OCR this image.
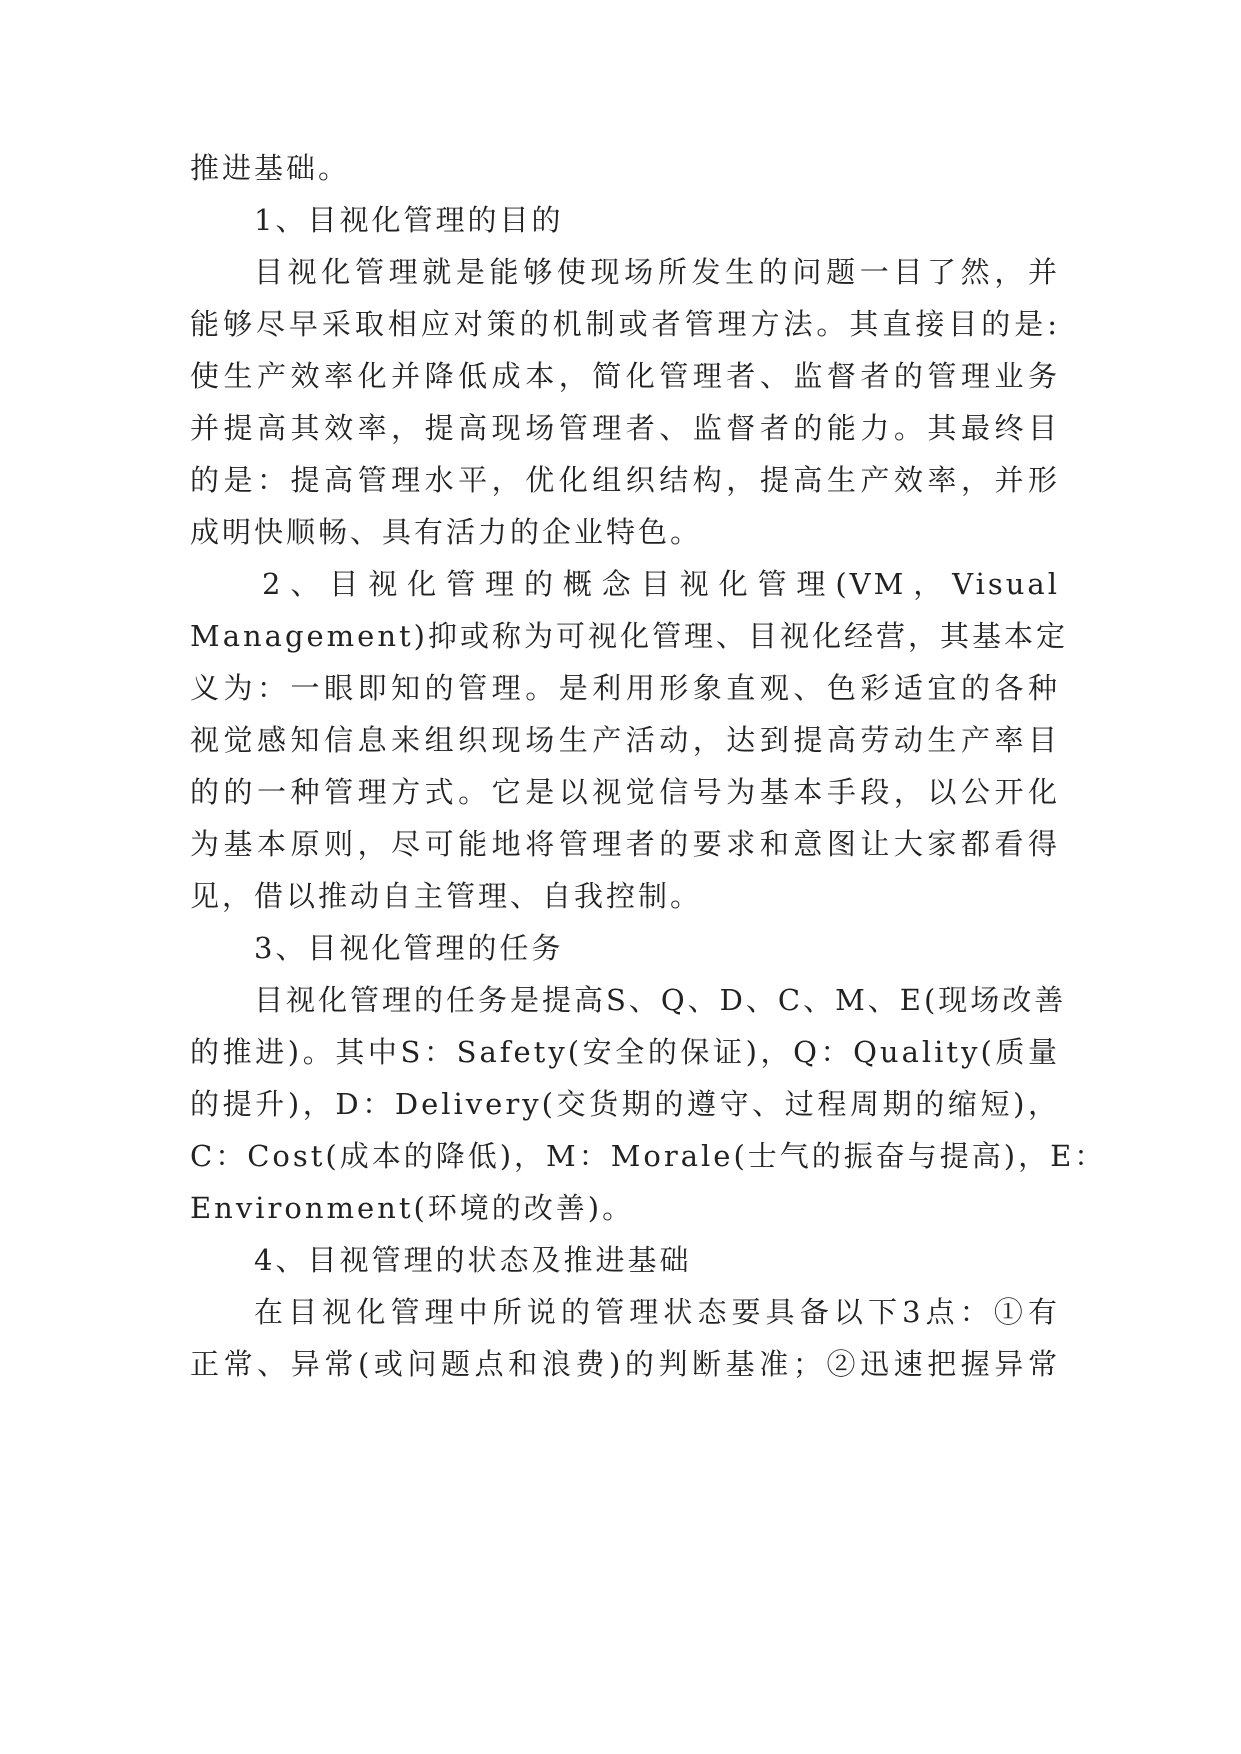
推进基础。

1、目视化管理的目的

目视化管理就是能够使现场所发生的问题一目了然，并

能够尽早采取相应对策的机制或者管理方法。其直接目的是:

使生产效率化并降低成本，简化管理者、监督者的管理业务

并提高其效率，提高现场管理者、监督者的能力。其最终目

的是：提高管理水平，优化组织结构，提高生产效率，并形

成明快顺畅、具有活力的企业特色。

2、目视化管理的概念目视化管理(VM，Visual

Management)抑或称为可视化管理、目视化经营，其基本定

义为：一眼即知的管理。是利用形象直观、色彩适宜的各种

视觉感知信息来组织现场生产活动，达到提高劳动生产率目

的的一种管理方式。它是以视觉信号为基本手段，以公开化

为基本原则，尽可能地将管理者的要求和意图让大家都看得

见，借以推动自主管理、自我控制。

3、目视化管理的任务

目视化管理的任务是提高S、Q、D、C、M、E(现场改善

的推进)。其中S：Safety(安全的保证)，Q：Quality(质量

的提升)，D：Delivery(交货期的遵守、过程周期的缩短)，

C：Cost(成本的降低)，M：Morale(士气的振奋与提高)，E：

Environment(环境的改善)。

4、目视管理的状态及推进基础

在目视化管理中所说的管理状态要具备以下3点：①有

正常、异常(或问题点和浪费)的判断基准；②迅速把握异常
